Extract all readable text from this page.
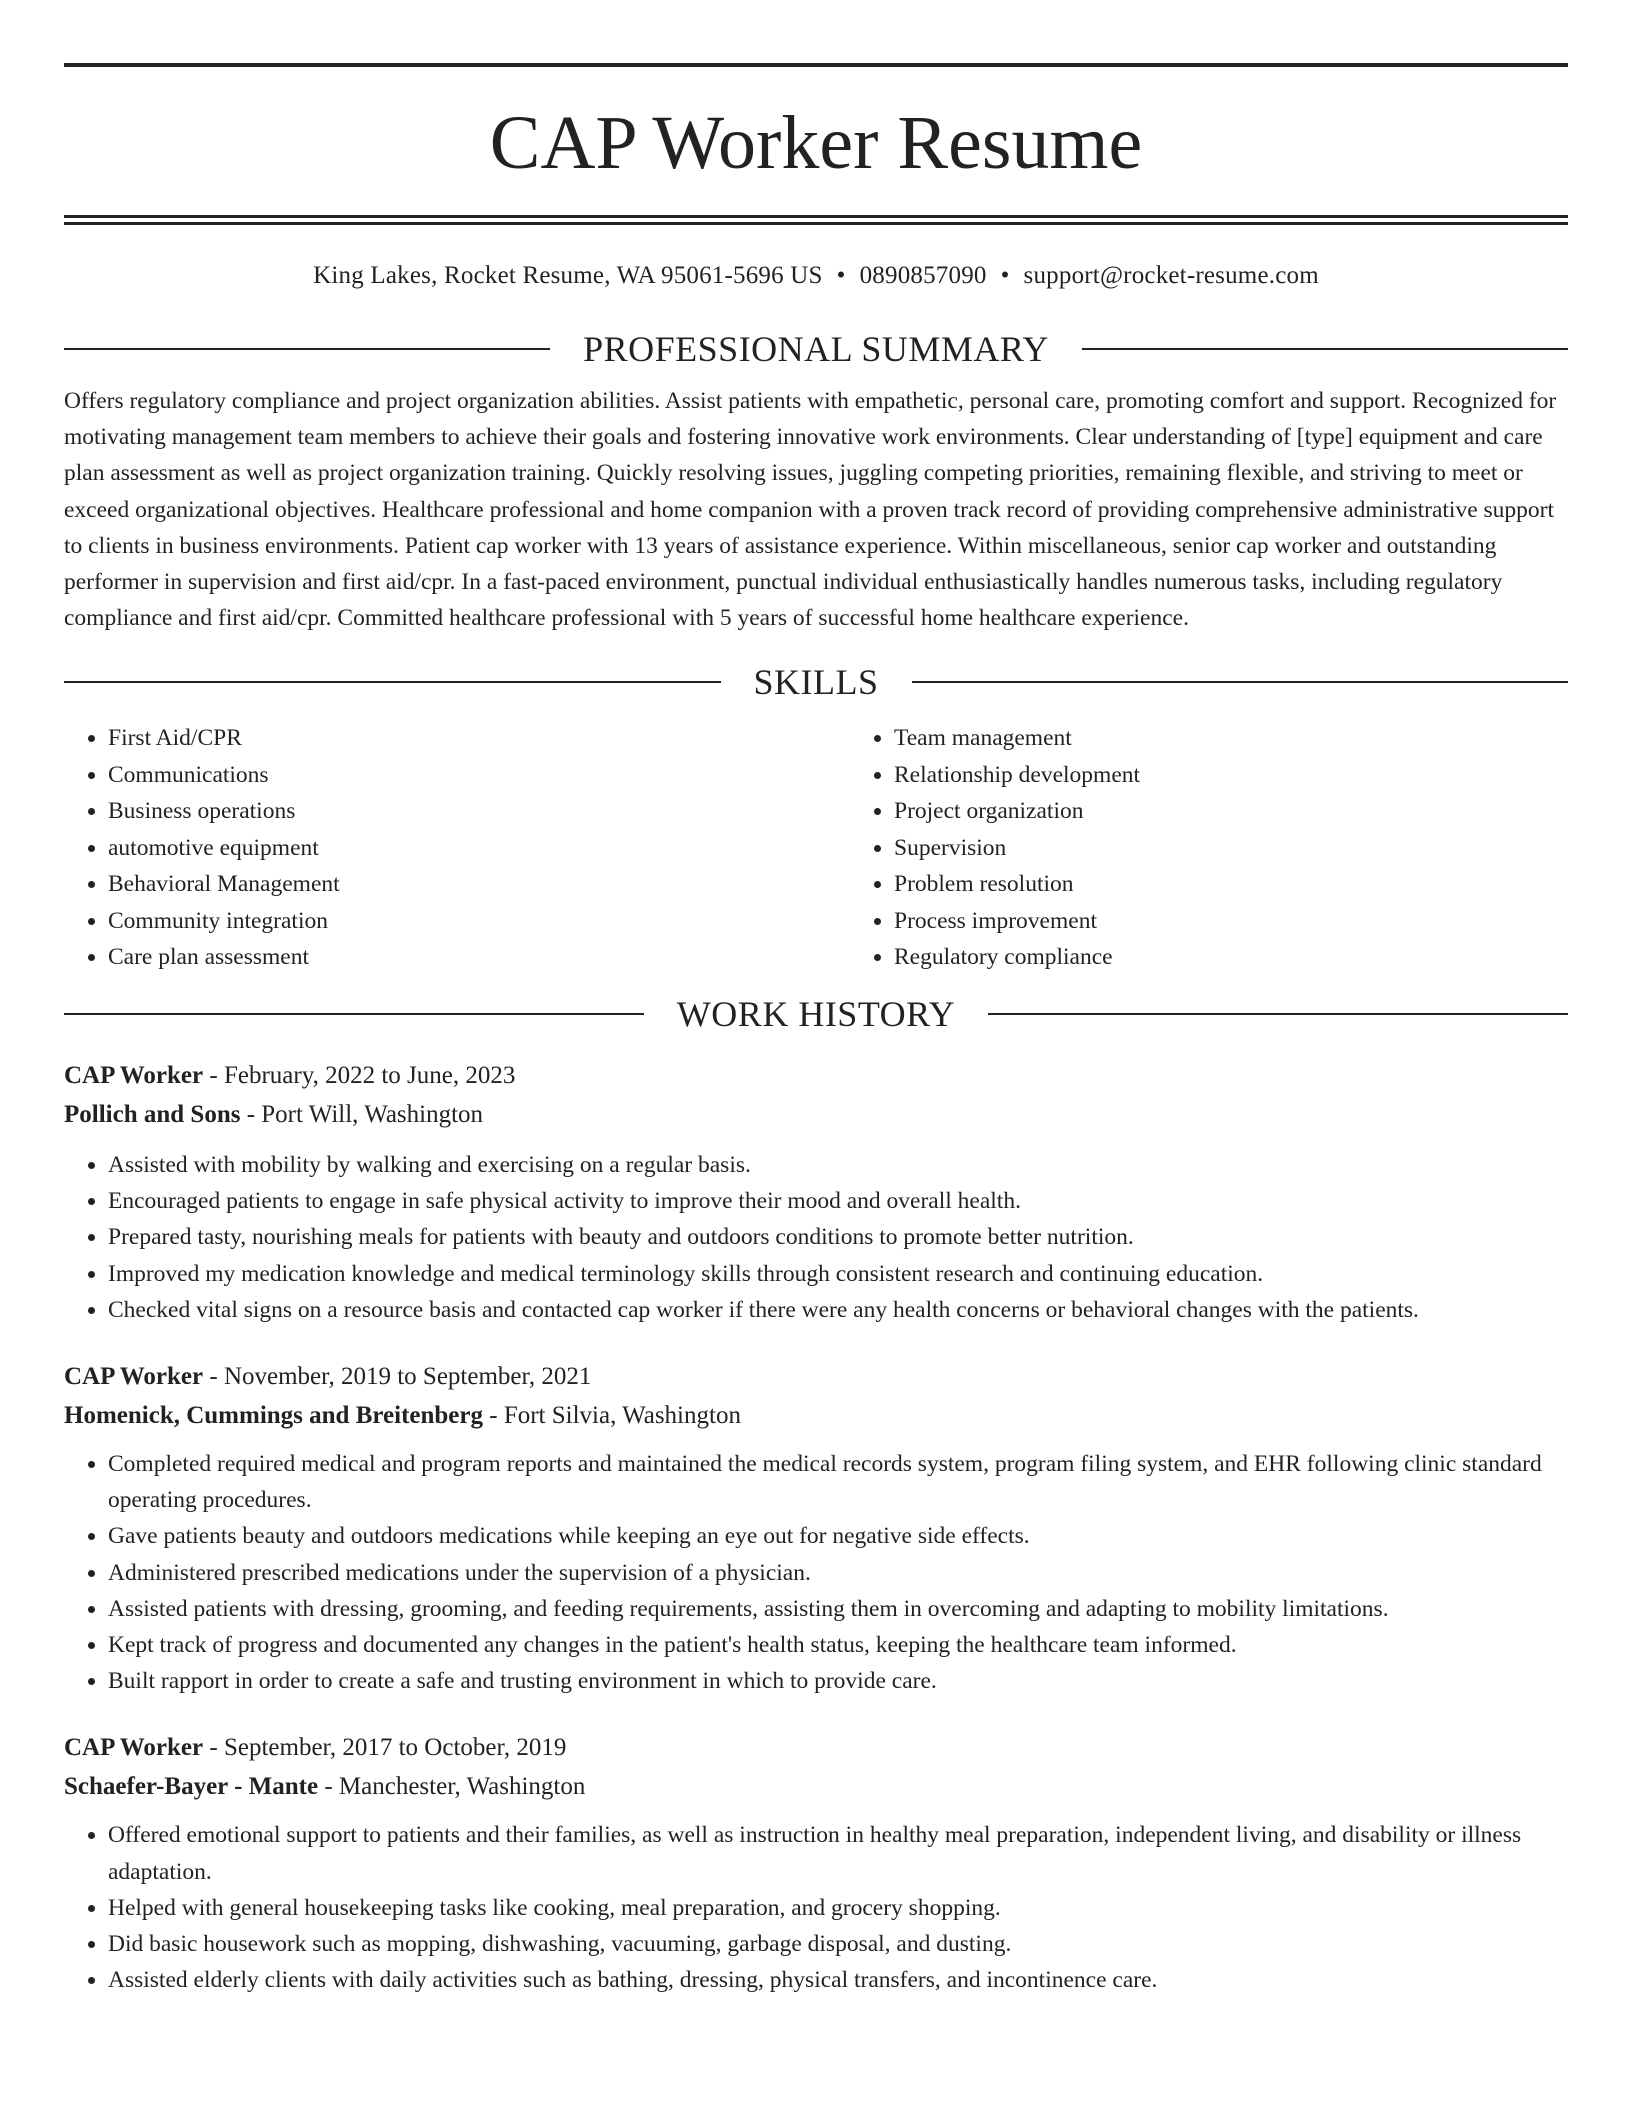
CAP Worker Resume
King Lakes, Rocket Resume, WA 95061-5696 US • 0890857090 • support@rocket-resume.com
PROFESSIONAL SUMMARY
Offers regulatory compliance and project organization abilities. Assist patients with empathetic, personal care, promoting comfort and support. Recognized for motivating management team members to achieve their goals and fostering innovative work environments. Clear understanding of [type] equipment and care plan assessment as well as project organization training. Quickly resolving issues, juggling competing priorities, remaining flexible, and striving to meet or exceed organizational objectives. Healthcare professional and home companion with a proven track record of providing comprehensive administrative support to clients in business environments. Patient cap worker with 13 years of assistance experience. Within miscellaneous, senior cap worker and outstanding performer in supervision and first aid/cpr. In a fast-paced environment, punctual individual enthusiastically handles numerous tasks, including regulatory compliance and first aid/cpr. Committed healthcare professional with 5 years of successful home healthcare experience.
SKILLS
• First Aid/CPR
• Communications
• Business operations
• automotive equipment
• Behavioral Management
• Community integration
• Care plan assessment
• Team management
• Relationship development
• Project organization
• Supervision
• Problem resolution
• Process improvement
• Regulatory compliance
WORK HISTORY
CAP Worker - February, 2022 to June, 2023
Pollich and Sons - Port Will, Washington
• Assisted with mobility by walking and exercising on a regular basis.
• Encouraged patients to engage in safe physical activity to improve their mood and overall health.
• Prepared tasty, nourishing meals for patients with beauty and outdoors conditions to promote better nutrition.
• Improved my medication knowledge and medical terminology skills through consistent research and continuing education.
• Checked vital signs on a resource basis and contacted cap worker if there were any health concerns or behavioral changes with the patients.
CAP Worker - November, 2019 to September, 2021
Homenick, Cummings and Breitenberg - Fort Silvia, Washington
• Completed required medical and program reports and maintained the medical records system, program filing system, and EHR following clinic standard operating procedures.
• Gave patients beauty and outdoors medications while keeping an eye out for negative side effects.
• Administered prescribed medications under the supervision of a physician.
• Assisted patients with dressing, grooming, and feeding requirements, assisting them in overcoming and adapting to mobility limitations.
• Kept track of progress and documented any changes in the patient's health status, keeping the healthcare team informed.
• Built rapport in order to create a safe and trusting environment in which to provide care.
CAP Worker - September, 2017 to October, 2019
Schaefer-Bayer - Mante - Manchester, Washington
• Offered emotional support to patients and their families, as well as instruction in healthy meal preparation, independent living, and disability or illness adaptation.
• Helped with general housekeeping tasks like cooking, meal preparation, and grocery shopping.
• Did basic housework such as mopping, dishwashing, vacuuming, garbage disposal, and dusting.
• Assisted elderly clients with daily activities such as bathing, dressing, physical transfers, and incontinence care.
